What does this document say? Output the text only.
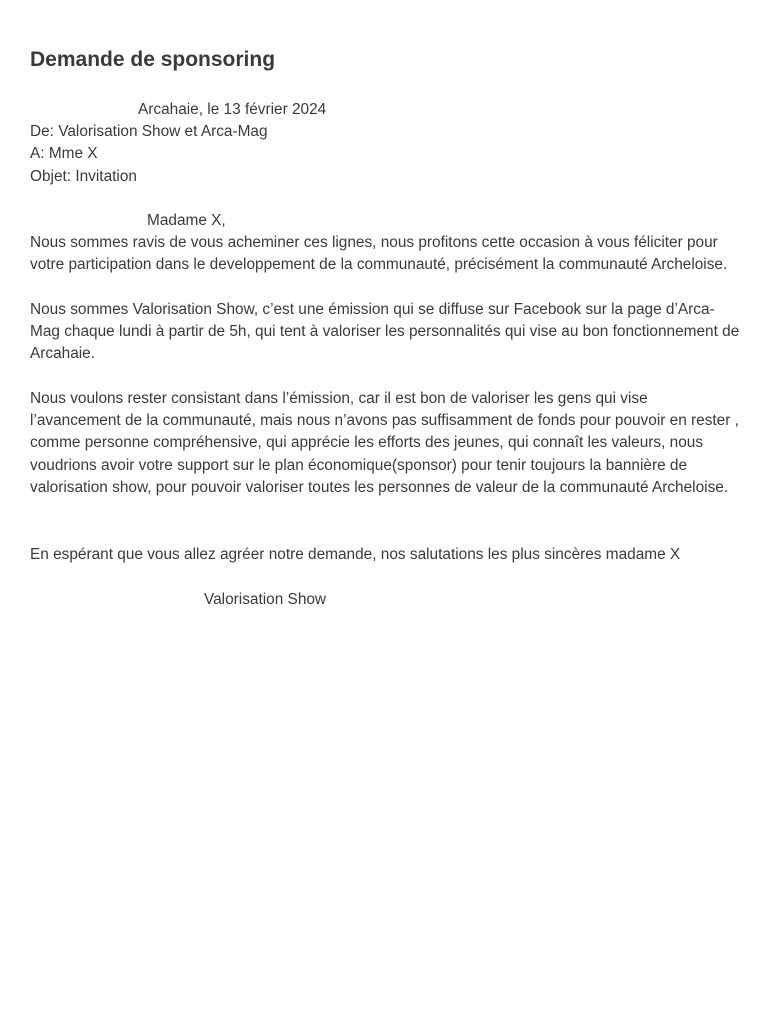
Demande de sponsoring
Arcahaie, le 13 février 2024
De: Valorisation Show et Arca-Mag
A: Mme X
Objet: Invitation
Madame X,

Nous sommes ravis de vous acheminer ces lignes, nous profitons cette occasion à vous féliciter pour votre participation dans le developpement de la communauté, précisément la communauté Archeloise.

Nous sommes Valorisation Show, c’est une émission qui se diffuse sur Facebook sur la page d’Arca-Mag chaque lundi à partir de 5h, qui tent à valoriser les personnalités qui vise au bon fonctionnement de Arcahaie.

Nous voulons rester consistant dans l’émission, car il est bon de valoriser les gens qui vise l’avancement de la communauté, mais nous n’avons pas suffisamment de fonds pour pouvoir en rester , comme personne compréhensive, qui apprécie les efforts des jeunes, qui connaît les valeurs, nous voudrions avoir votre support sur le plan économique(sponsor) pour tenir toujours la bannière de valorisation show, pour pouvoir valoriser toutes les personnes de valeur de la communauté Archeloise.

En espérant que vous allez agréer notre demande, nos salutations les plus sincères madame X
Valorisation Show
